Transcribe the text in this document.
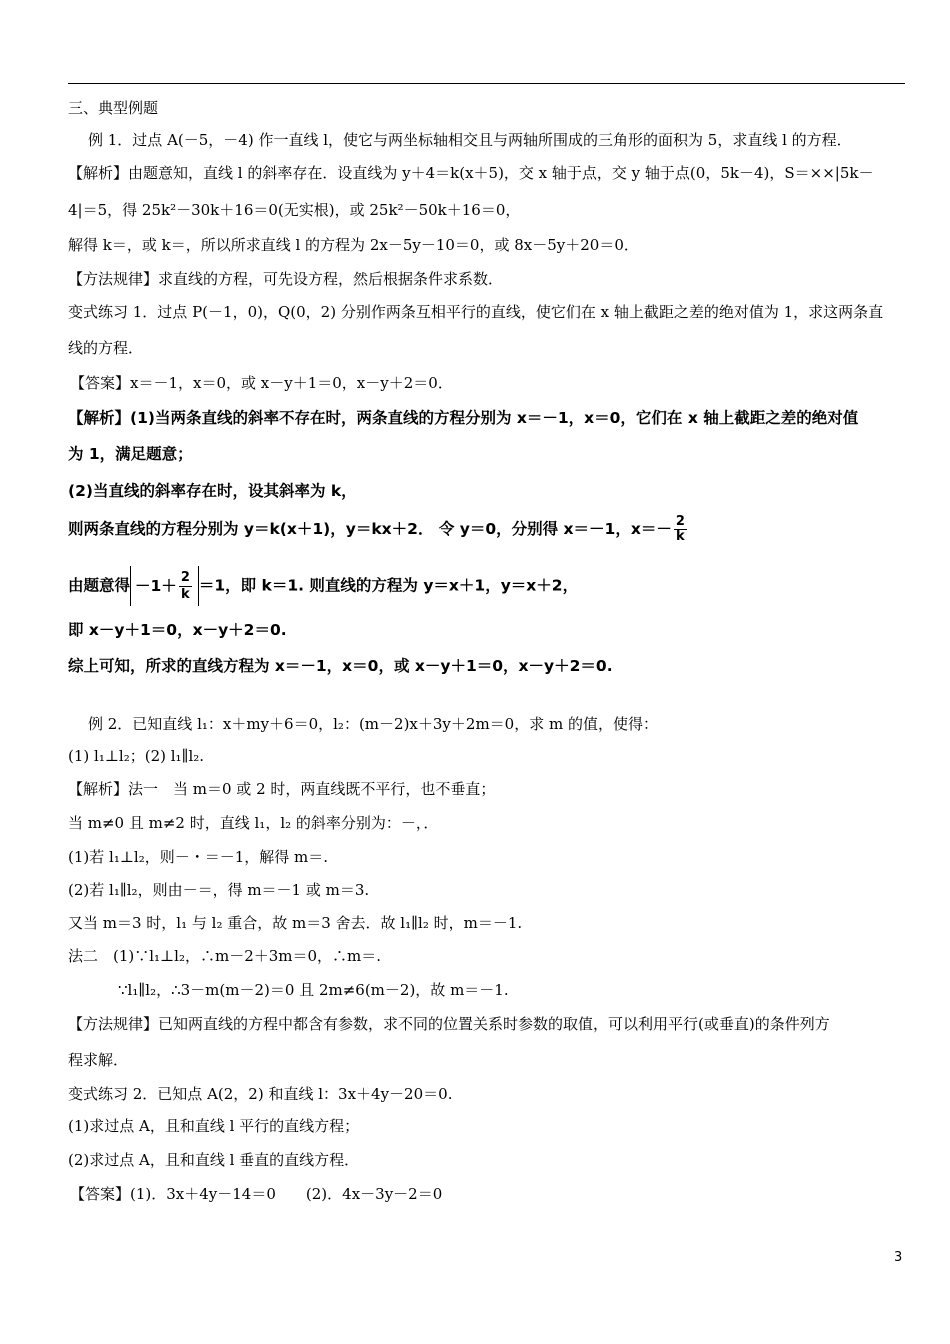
三、典型例题
例 1．过点 A(－5，－4) 作一直线 l，使它与两坐标轴相交且与两轴所围成的三角形的面积为 5，求直线 l 的方程．
【解析】由题意知，直线 l 的斜率存在．设直线为 y＋4＝k(x＋5)，交 x 轴于点，交 y 轴于点(0，5k－4)，S＝××|5k－
4|＝5，得 25k²－30k＋16＝0(无实根)，或 25k²－50k＋16＝0，
解得 k＝，或 k＝，所以所求直线 l 的方程为 2x－5y－10＝0，或 8x－5y＋20＝0．
【方法规律】求直线的方程，可先设方程，然后根据条件求系数．
变式练习 1．过点 P(－1，0)，Q(0，2) 分别作两条互相平行的直线，使它们在 x 轴上截距之差的绝对值为 1，求这两条直
线的方程．
【答案】x＝－1，x＝0，或 x－y＋1＝0，x－y＋2＝0．
【解析】(1)当两条直线的斜率不存在时，两条直线的方程分别为 x＝－1，x＝0，它们在 x 轴上截距之差的绝对值
为 1，满足题意；
(2)当直线的斜率存在时，设其斜率为 k，
则两条直线的方程分别为 y＝k(x＋1)，y＝kx＋2． 令 y＝0，分别得 x＝－1，$x=- \frac{2}{k}$
由题意得 $-1+ \frac{2}{k} =1$，即 k＝1. 则直线的方程为 y＝x＋1，y＝x＋2，
即 x－y＋1＝0，x－y＋2＝0.
综上可知，所求的直线方程为 x＝－1，x＝0，或 x－y＋1＝0，x－y＋2＝0.
例 2．已知直线 l₁：x＋my＋6＝0，l₂：(m－2)x＋3y＋2m＝0，求 m 的值，使得：
(1) l₁⊥l₂；(2) l₁∥l₂.
【解析】法一　当 m＝0 或 2 时，两直线既不平行，也不垂直；
当 m≠0 且 m≠2 时，直线 l₁，l₂ 的斜率分别为：－，．
(1)若 l₁⊥l₂，则－・＝－1，解得 m＝.
(2)若 l₁∥l₂，则由－＝，得 m＝－1 或 m＝3.
又当 m＝3 时，l₁ 与 l₂ 重合，故 m＝3 舍去．故 l₁∥l₂ 时，m＝－1.
法二　(1)∵l₁⊥l₂，∴m－2＋3m＝0，∴m＝.
∵l₁∥l₂，∴3－m(m－2)＝0 且 2m≠6(m－2)，故 m＝－1.
【方法规律】已知两直线的方程中都含有参数，求不同的位置关系时参数的取值，可以利用平行(或垂直)的条件列方
程求解．
变式练习 2．已知点 A(2，2) 和直线 l：3x＋4y－20＝0.
(1)求过点 A，且和直线 l 平行的直线方程；
(2)求过点 A，且和直线 l 垂直的直线方程．
【答案】(1)．3x＋4y－14＝0　　(2)．4x－3y－2＝0
3
